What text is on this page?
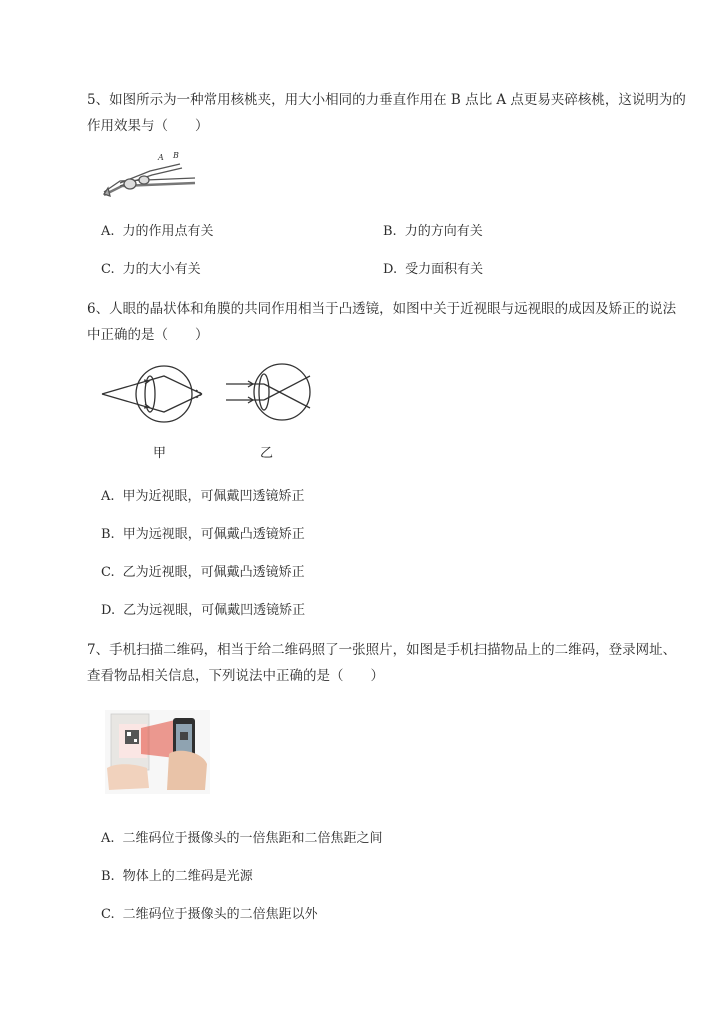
5、如图所示为一种常用核桃夹，用大小相同的力垂直作用在 B 点比 A 点更易夹碎核桃，这说明为的作用效果与（　　）
A B
A. 力的作用点有关	B. 力的方向有关
C. 力的大小有关	D. 受力面积有关
6、人眼的晶状体和角膜的共同作用相当于凸透镜，如图中关于近视眼与远视眼的成因及矫正的说法中正确的是（　　）
甲	乙
A. 甲为近视眼，可佩戴凹透镜矫正
B. 甲为远视眼，可佩戴凸透镜矫正
C. 乙为近视眼，可佩戴凸透镜矫正
D. 乙为远视眼，可佩戴凹透镜矫正
7、手机扫描二维码，相当于给二维码照了一张照片，如图是手机扫描物品上的二维码，登录网址、查看物品相关信息，下列说法中正确的是（　　）
A. 二维码位于摄像头的一倍焦距和二倍焦距之间
B. 物体上的二维码是光源
C. 二维码位于摄像头的二倍焦距以外
